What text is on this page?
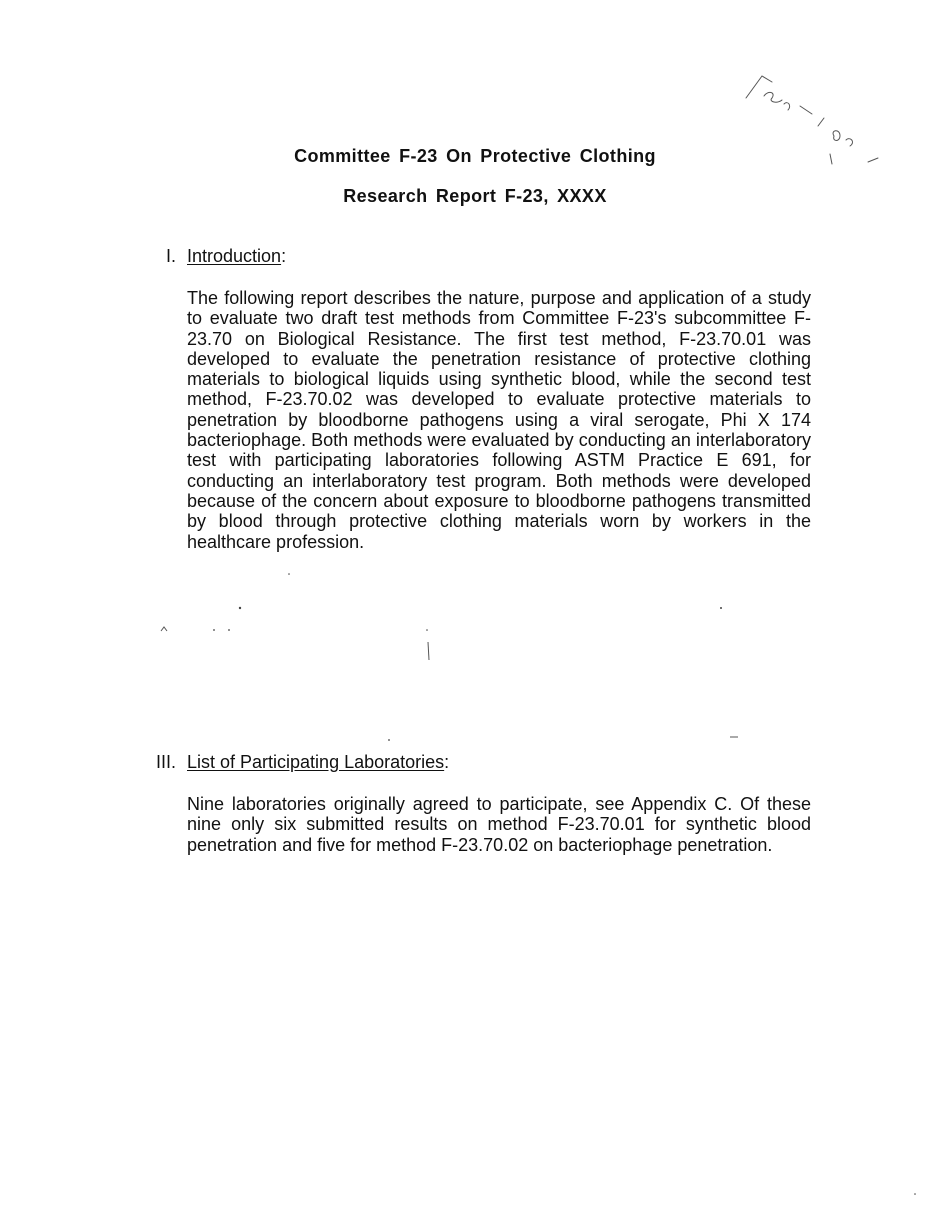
Committee F-23 On Protective Clothing
Research Report F-23, XXXX
I. Introduction:

The following report describes the nature, purpose and application of a study to evaluate two draft test methods from Committee F-23's subcommittee F-23.70 on Biological Resistance. The first test method, F-23.70.01 was developed to evaluate the penetration resistance of protective clothing materials to biological liquids using synthetic blood, while the second test method, F-23.70.02 was developed to evaluate protective materials to penetration by bloodborne pathogens using a viral serogate, Phi X 174 bacteriophage. Both methods were evaluated by conducting an interlaboratory test with participating laboratories following ASTM Practice E 691, for conducting an interlaboratory test program. Both methods were developed because of the concern about exposure to bloodborne pathogens transmitted by blood through protective clothing materials worn by workers in the healthcare profession.

III. List of Participating Laboratories:

Nine laboratories originally agreed to participate, see Appendix C. Of these nine only six submitted results on method F-23.70.01 for synthetic blood penetration and five for method F-23.70.02 on bacteriophage penetration.
